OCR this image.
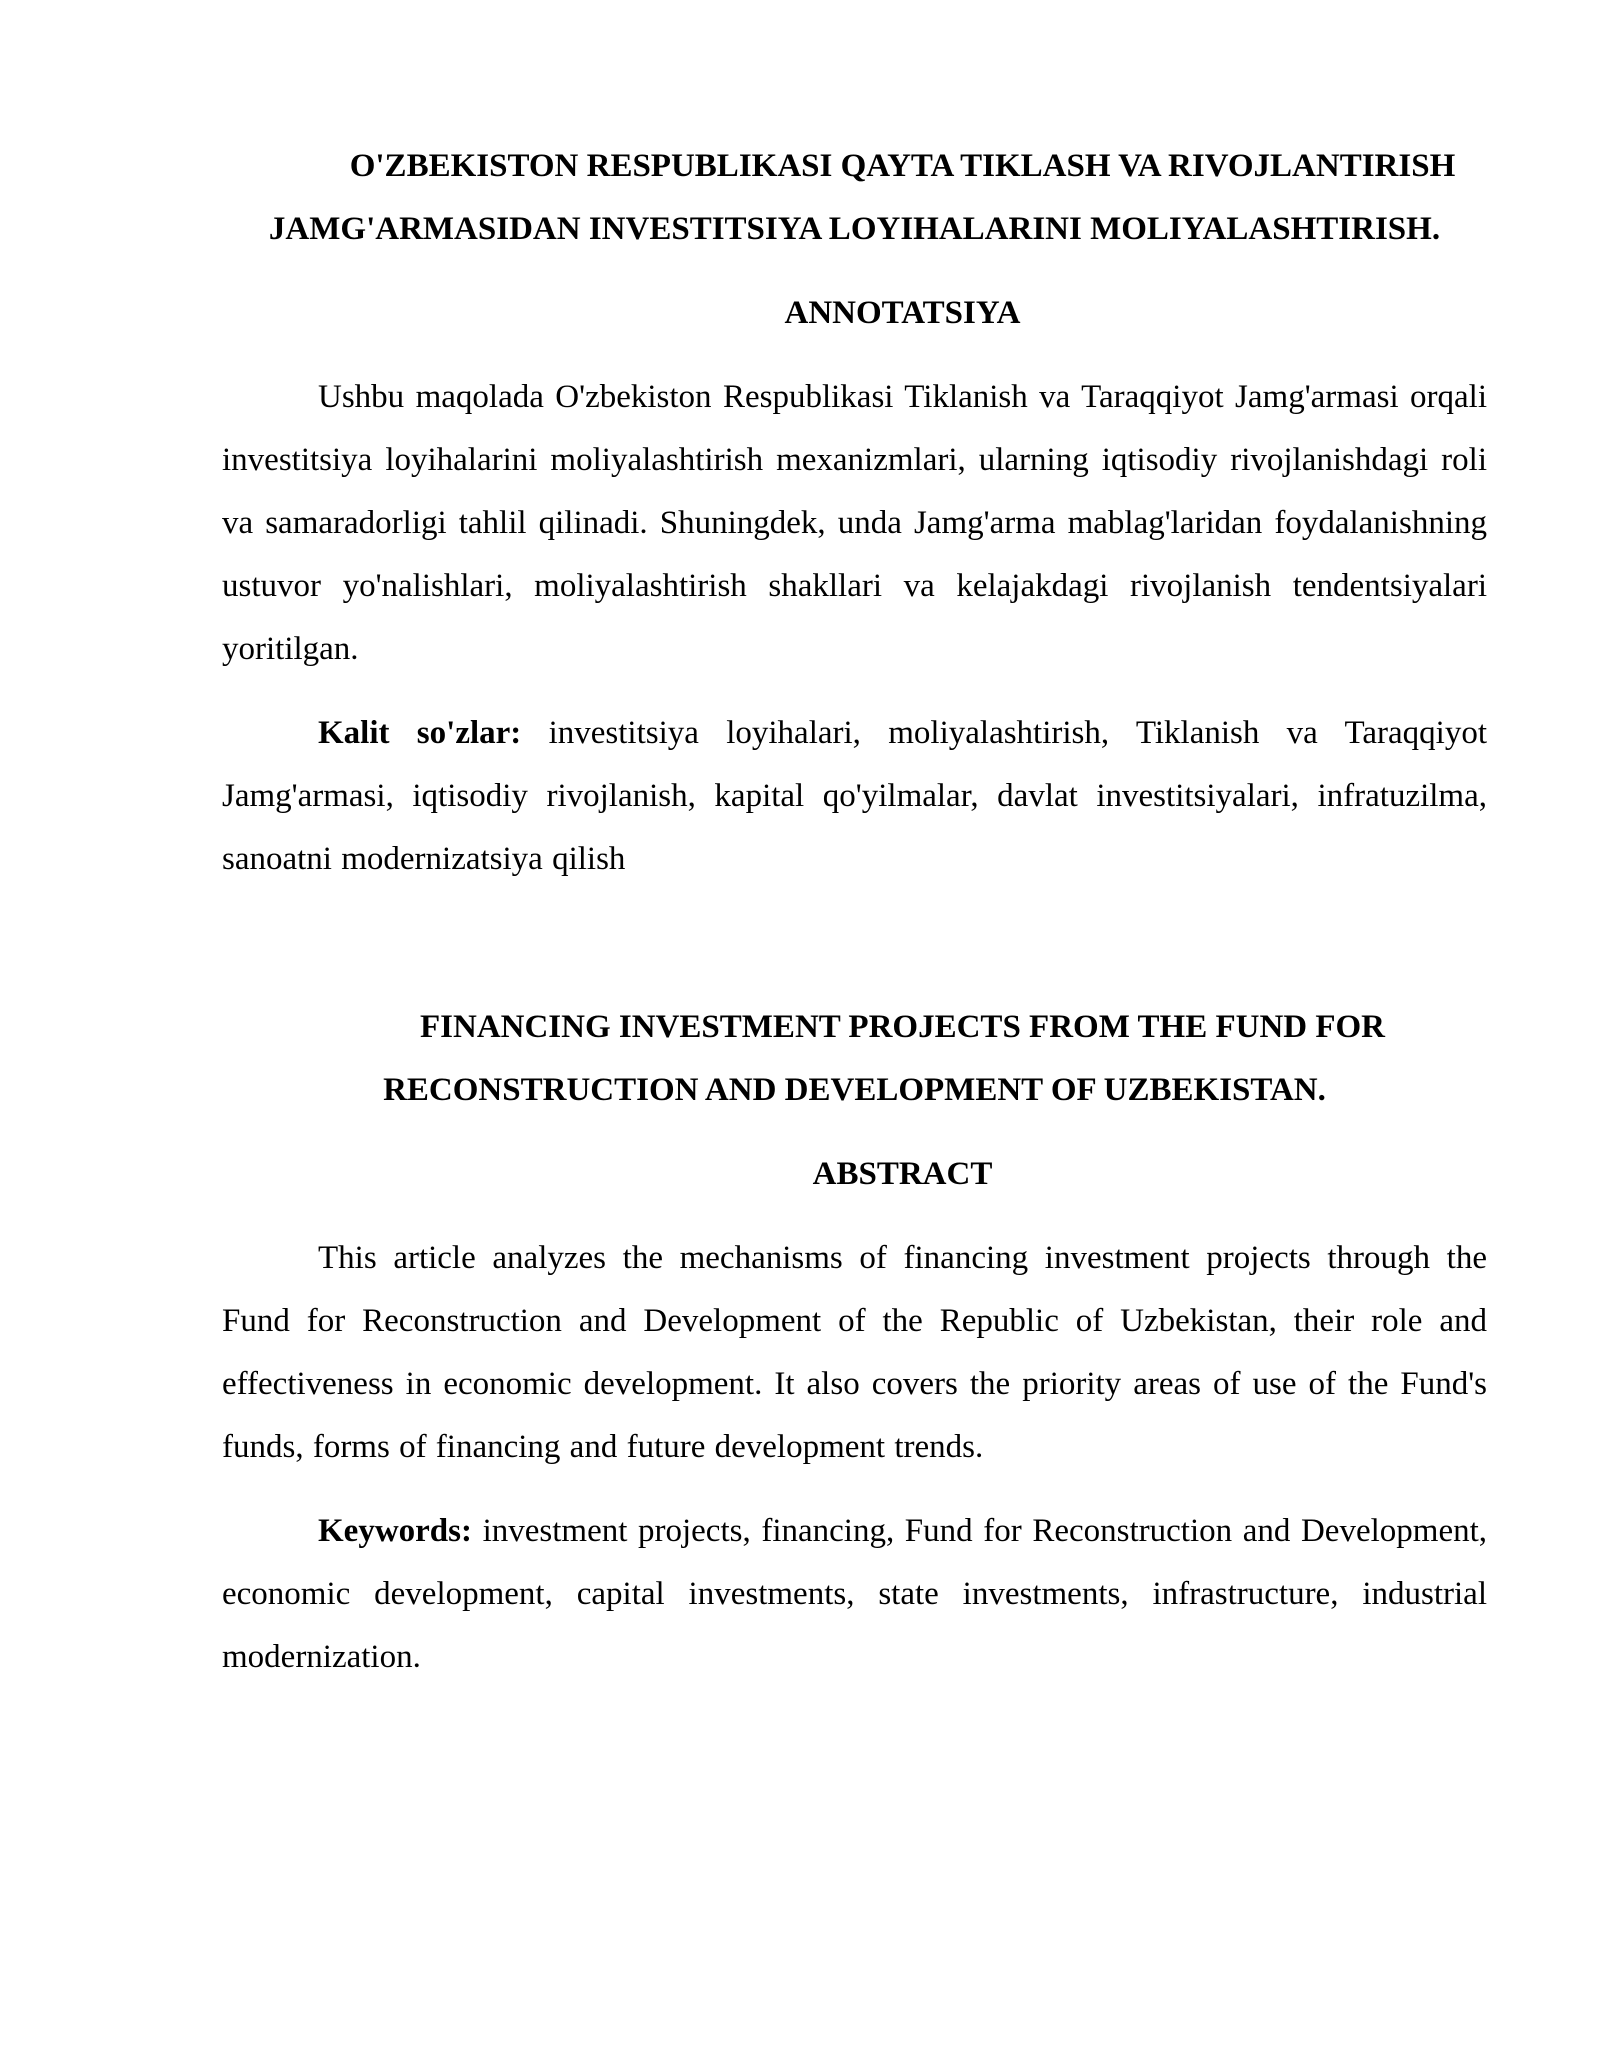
O'ZBEKISTON RESPUBLIKASI QAYTA TIKLASH VA RIVOJLANTIRISH JAMG'ARMASIDAN INVESTITSIYA LOYIHALARINI MOLIYALASHTIRISH.
ANNOTATSIYA

Ushbu maqolada O'zbekiston Respublikasi Tiklanish va Taraqqiyot Jamg'armasi orqali investitsiya loyihalarini moliyalashtirish mexanizmlari, ularning iqtisodiy rivojlanishdagi roli va samaradorligi tahlil qilinadi. Shuningdek, unda Jamg'arma mablag'laridan foydalanishning ustuvor yo'nalishlari, moliyalashtirish shakllari va kelajakdagi rivojlanish tendentsiyalari yoritilgan.

Kalit so'zlar: investitsiya loyihalari, moliyalashtirish, Tiklanish va Taraqqiyot Jamg'armasi, iqtisodiy rivojlanish, kapital qo'yilmalar, davlat investitsiyalari, infratuzilma, sanoatni modernizatsiya qilish

FINANCING INVESTMENT PROJECTS FROM THE FUND FOR RECONSTRUCTION AND DEVELOPMENT OF UZBEKISTAN.
ABSTRACT

This article analyzes the mechanisms of financing investment projects through the Fund for Reconstruction and Development of the Republic of Uzbekistan, their role and effectiveness in economic development. It also covers the priority areas of use of the Fund's funds, forms of financing and future development trends.

Keywords: investment projects, financing, Fund for Reconstruction and Development, economic development, capital investments, state investments, infrastructure, industrial modernization.
